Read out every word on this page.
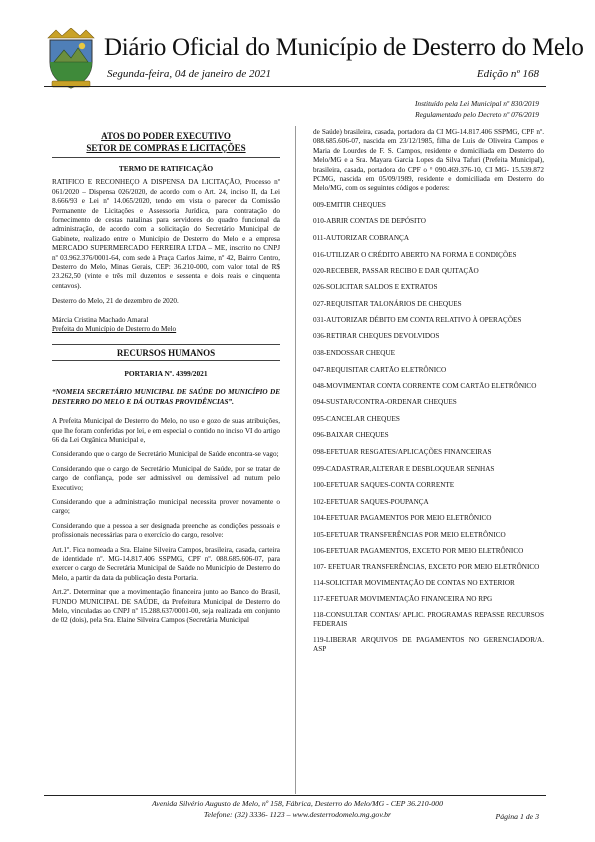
Diário Oficial do Município de Desterro do Melo
Segunda-feira, 04 de janeiro de 2021	Edição nº 168
Instituído pela Lei Municipal nº 830/2019
Regulamentado pelo Decreto nº 076/2019
ATOS DO PODER EXECUTIVO
SETOR DE COMPRAS E LICITAÇÕES
TERMO DE RATIFICAÇÃO

RATIFICO E RECONHEÇO A DISPENSA DA LICITAÇÃO, Processo nº 061/2020 – Dispensa 026/2020, de acordo com o Art. 24, inciso II, da Lei 8.666/93 e Lei nº 14.065/2020, tendo em vista o parecer da Comissão Permanente de Licitações e Assessoria Jurídica, para contratação do fornecimento de cestas natalinas para servidores do quadro funcional da administração, de acordo com a solicitação do Secretário Municipal de Gabinete, realizado entre o Município de Desterro do Melo e a empresa MERCADO SUPERMERCADO FERREIRA LTDA – ME, inscrito no CNPJ nº 03.962.376/0001-64, com sede à Praça Carlos Jaime, nº 42, Bairro Centro, Desterro do Melo, Minas Gerais, CEP: 36.210-000, com valor total de R$ 23.262,50 (vinte e três mil duzentos e sessenta e dois reais e cinquenta centavos).

Desterro do Melo, 21 de dezembro de 2020.

Márcia Cristina Machado Amaral

Prefeita do Município de Desterro do Melo

RECURSOS HUMANOS
PORTARIA Nº. 4399/2021

“NOMEIA SECRETÁRIO MUNICIPAL DE SAÚDE DO MUNICÍPIO DE DESTERRO DO MELO E DÁ OUTRAS PROVIDÊNCIAS”.

A Prefeita Municipal de Desterro do Melo, no uso e gozo de suas atribuições, que lhe foram conferidas por lei, e em especial o contido no inciso VI do artigo 66 da Lei Orgânica Municipal e,

Considerando que o cargo de Secretário Municipal de Saúde encontra-se vago;

Considerando que o cargo de Secretário Municipal de Saúde, por se tratar de cargo de confiança, pode ser admissível ou demissível ad nutum pelo Executivo;

Considerando que a administração municipal necessita prover novamente o cargo;

Considerando que a pessoa a ser designada preenche as condições pessoais e profissionais necessárias para o exercício do cargo, resolve:

Art.1º. Fica nomeada a Sra. Elaine Silveira Campos, brasileira, casada, carteira de identidade nº. MG-14.817.406 SSPMG, CPF nº. 088.685.606-07, para exercer o cargo de Secretária Municipal de Saúde no Município de Desterro do Melo, a partir da data da publicação desta Portaria.

Art.2º. Determinar que a movimentação financeira junto ao Banco do Brasil, FUNDO MUNICIPAL DE SAÚDE, da Prefeitura Municipal de Desterro do Melo, vinculadas ao CNPJ nº 15.288.637/0001-00, seja realizada em conjunto de 02 (dois), pela Sra. Elaine Silveira Campos (Secretária Municipal

de Saúde) brasileira, casada, portadora da CI MG-14.817.406 SSPMG, CPF nº. 088.685.606-07, nascida em 23/12/1985, filha de Luis de Oliveira Campos e Maria de Lourdes de F. S. Campos, residente e domiciliada em Desterro do Melo/MG e a Sra. Mayara Garcia Lopes da Silva Tafuri (Prefeita Municipal), brasileira, casada, portadora do CPF o ° 090.469.376-10, CI MG- 15.539.872 PCMG, nascida em 05/09/1989, residente e domiciliada em Desterro do Melo/MG, com os seguintes códigos e poderes:

009-EMITIR CHEQUES

010-ABRIR CONTAS DE DEPÓSITO

011-AUTORIZAR COBRANÇA

016-UTILIZAR O CRÉDITO ABERTO NA FORMA E CONDIÇÕES

020-RECEBER, PASSAR RECIBO E DAR QUITAÇÃO

026-SOLICITAR SALDOS E EXTRATOS

027-REQUISITAR TALONÁRIOS DE CHEQUES

031-AUTORIZAR DÉBITO EM CONTA RELATIVO À OPERAÇÕES

036-RETIRAR CHEQUES DEVOLVIDOS

038-ENDOSSAR CHEQUE

047-REQUISITAR CARTÃO ELETRÔNICO

048-MOVIMENTAR CONTA CORRENTE COM CARTÃO ELETRÔNICO

094-SUSTAR/CONTRA-ORDENAR CHEQUES

095-CANCELAR CHEQUES

096-BAIXAR CHEQUES

098-EFETUAR RESGATES/APLICAÇÕES FINANCEIRAS

099-CADASTRAR,ALTERAR E DESBLOQUEAR SENHAS

100-EFETUAR SAQUES-CONTA CORRENTE

102-EFETUAR SAQUES-POUPANÇA

104-EFETUAR PAGAMENTOS POR MEIO ELETRÔNICO

105-EFETUAR TRANSFERÊNCIAS POR MEIO ELETRÔNICO

106-EFETUAR PAGAMENTOS, EXCETO POR MEIO ELETRÔNICO

107- EFETUAR TRANSFERÊNCIAS, EXCETO POR MEIO ELETRÔNICO

114-SOLICITAR MOVIMENTAÇÃO DE CONTAS NO EXTERIOR

117-EFETUAR MOVIMENTAÇÃO FINANCEIRA NO RPG

118-CONSULTAR CONTAS/ APLIC. PROGRAMAS REPASSE RECURSOS FEDERAIS

119-LIBERAR ARQUIVOS DE PAGAMENTOS NO GERENCIADOR/A. ASP

Avenida Silvério Augusto de Melo, nº 158, Fábrica, Desterro do Melo/MG - CEP 36.210-000
Telefone: (32) 3336- 1123 – www.desterrodomelo.mg.gov.br	Página 1 de 3
